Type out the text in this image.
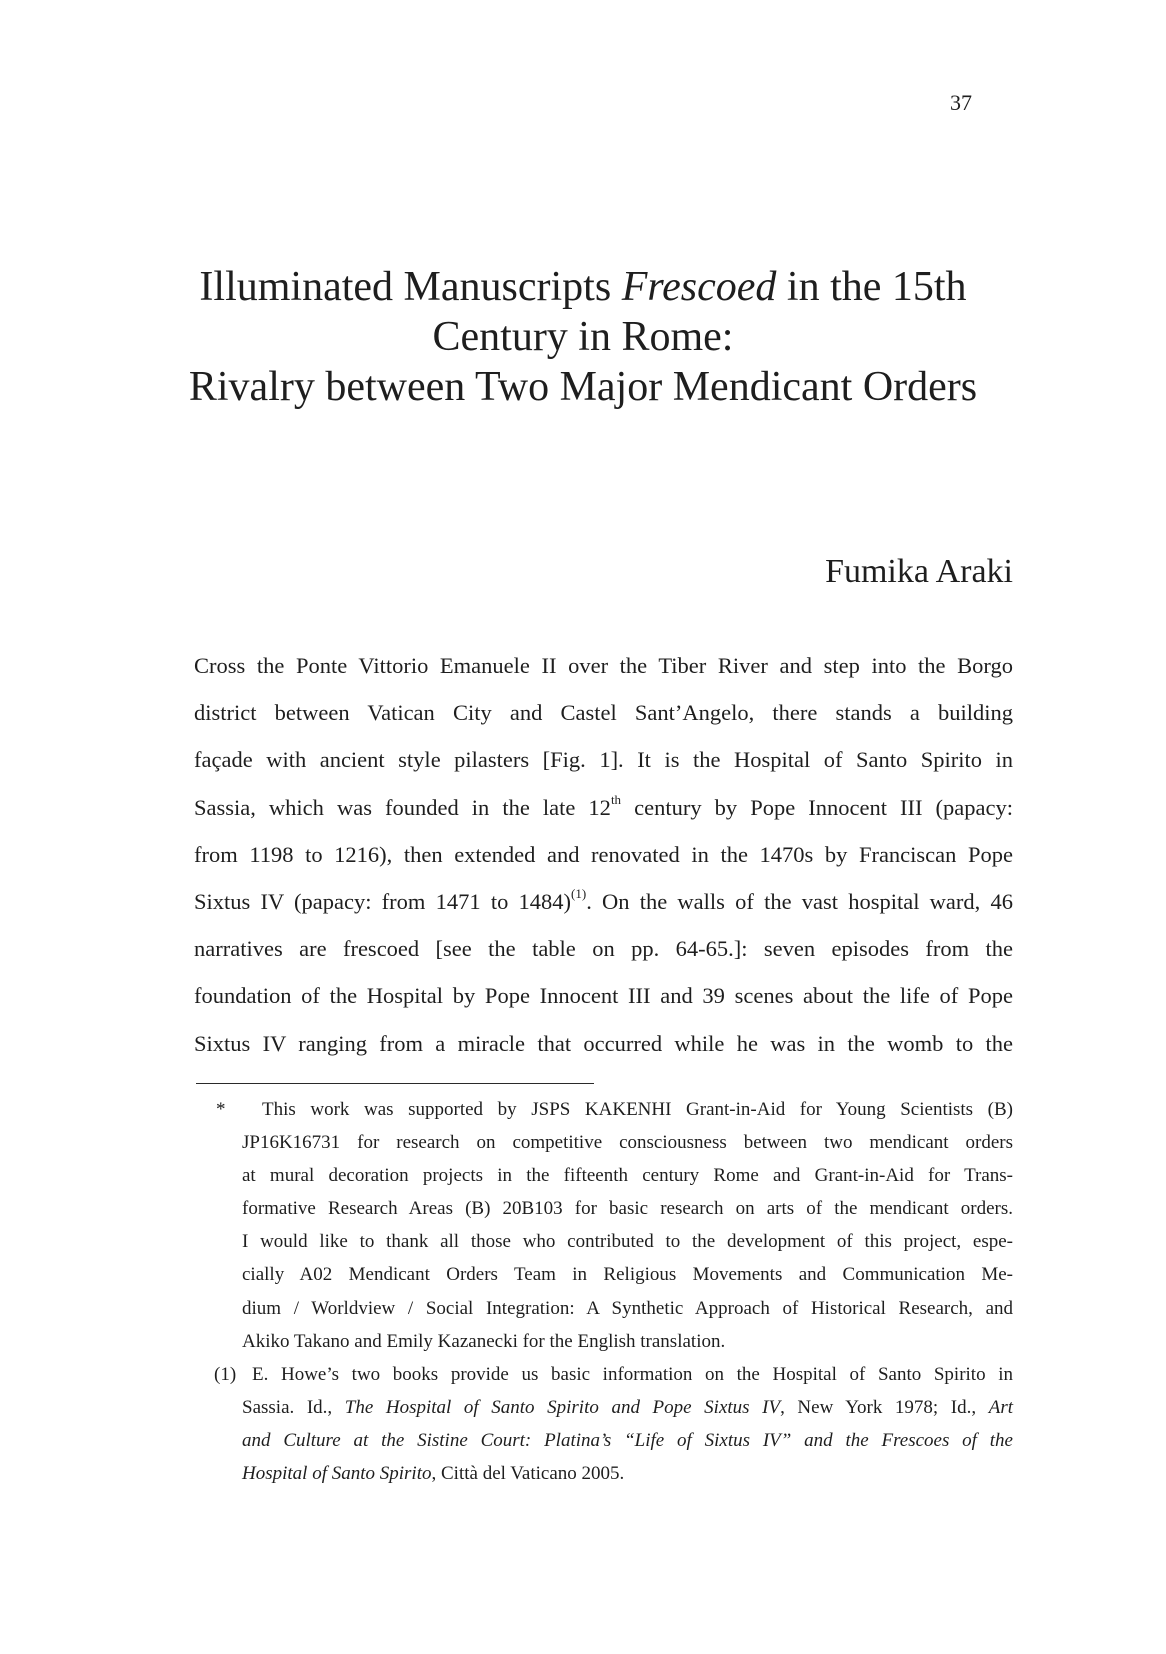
37
Illuminated Manuscripts Frescoed in the 15th
Century in Rome:
Rivalry between Two Major Mendicant Orders
Fumika Araki
Cross the Ponte Vittorio Emanuele II over the Tiber River and step into the Borgo
district between Vatican City and Castel Sant’Angelo, there stands a building
façade with ancient style pilasters [Fig. 1]. It is the Hospital of Santo Spirito in
Sassia, which was founded in the late 12th century by Pope Innocent III (papacy:
from 1198 to 1216), then extended and renovated in the 1470s by Franciscan Pope
Sixtus IV (papacy: from 1471 to 1484)$^{(1)}$. On the walls of the vast hospital ward, 46
narratives are frescoed [see the table on pp. 64-65.]: seven episodes from the
foundation of the Hospital by Pope Innocent III and 39 scenes about the life of Pope
Sixtus IV ranging from a miracle that occurred while he was in the womb to the
* This work was supported by JSPS KAKENHI Grant-in-Aid for Young Scientists (B)
JP16K16731 for research on competitive consciousness between two mendicant orders
at mural decoration projects in the fifteenth century Rome and Grant-in-Aid for Trans-
formative Research Areas (B) 20B103 for basic research on arts of the mendicant orders.
I would like to thank all those who contributed to the development of this project, espe-
cially A02 Mendicant Orders Team in Religious Movements and Communication Me-
dium / Worldview / Social Integration: A Synthetic Approach of Historical Research, and
Akiko Takano and Emily Kazanecki for the English translation.
(1) E. Howe’s two books provide us basic information on the Hospital of Santo Spirito in
Sassia. Id., The Hospital of Santo Spirito and Pope Sixtus IV, New York 1978; Id., Art
and Culture at the Sistine Court: Platina’s “Life of Sixtus IV” and the Frescoes of the
Hospital of Santo Spirito, Città del Vaticano 2005.
